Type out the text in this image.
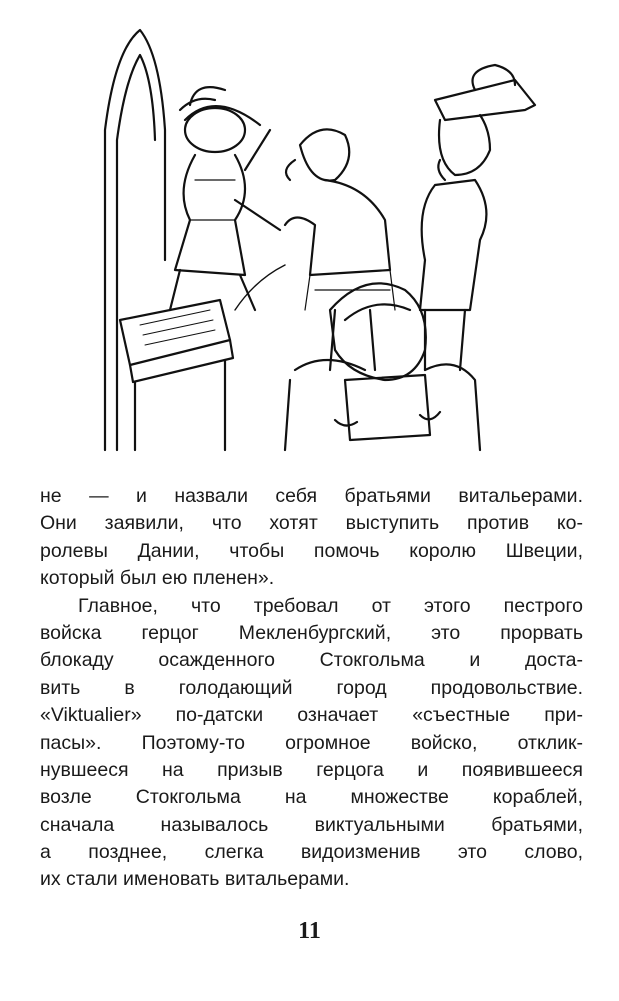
не — и назвали себя братьями витальерами.
Они заявили, что хотят выступить против ко-
ролевы Дании, чтобы помочь королю Швеции,
который был ею пленен».
Главное, что требовал от этого пестрого
войска герцог Мекленбургский, это прорвать
блокаду осажденного Стокгольма и доста-
вить в голодающий город продовольствие.
«Viktualier» по-датски означает «съестные при-
пасы». Поэтому-то огромное войско, отклик-
нувшееся на призыв герцога и появившееся
возле Стокгольма на множестве кораблей,
сначала называлось виктуальными братьями,
а позднее, слегка видоизменив это слово,
их стали именовать витальерами.
11
